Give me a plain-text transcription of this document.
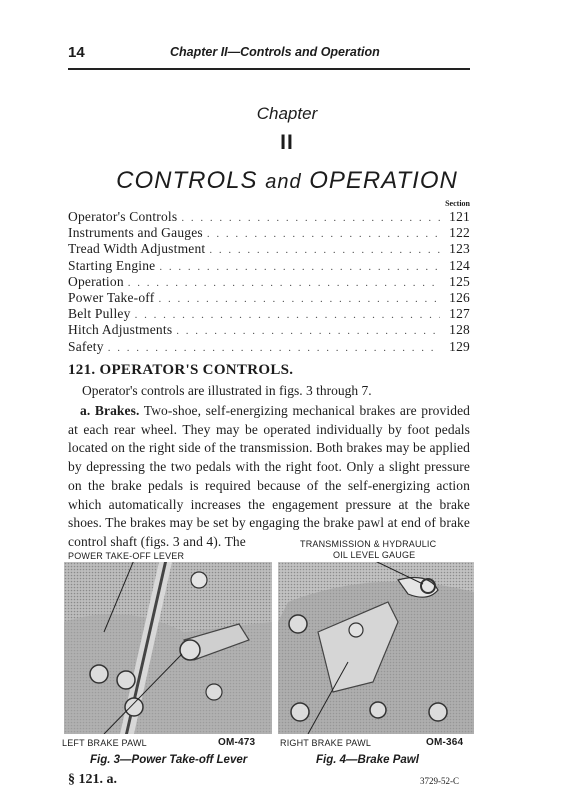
14	Chapter II—Controls and Operation
Chapter
II
CONTROLS and OPERATION
Section
Operator's Controls . . .	121
Instruments and Gauges . . .	122
Tread Width Adjustment . . .	123
Starting Engine . . .	124
Operation . . .	125
Power Take-off . . .	126
Belt Pulley . . .	127
Hitch Adjustments . . .	128
Safety . . .	129
121. OPERATOR'S CONTROLS.
Operator's controls are illustrated in figs. 3 through 7.
a. Brakes. Two-shoe, self-energizing mechanical brakes are provided at each rear wheel. They may be operated individually by foot pedals located on the right side of the transmission. Both brakes may be applied by depressing the two pedals with the right foot. Only a slight pressure on the brake pedals is required because of the self-energizing action which automatically increases the engagement pressure at the brake shoes. The brakes may be set by engaging the brake pawl at end of brake control shaft (figs. 3 and 4). The
POWER TAKE-OFF LEVER
LEFT BRAKE PAWL	OM-473
Fig. 3—Power Take-off Lever
TRANSMISSION & HYDRAULIC
OIL LEVEL GAUGE
RIGHT BRAKE PAWL	OM-364
Fig. 4—Brake Pawl
§ 121. a.	3729-52-C
